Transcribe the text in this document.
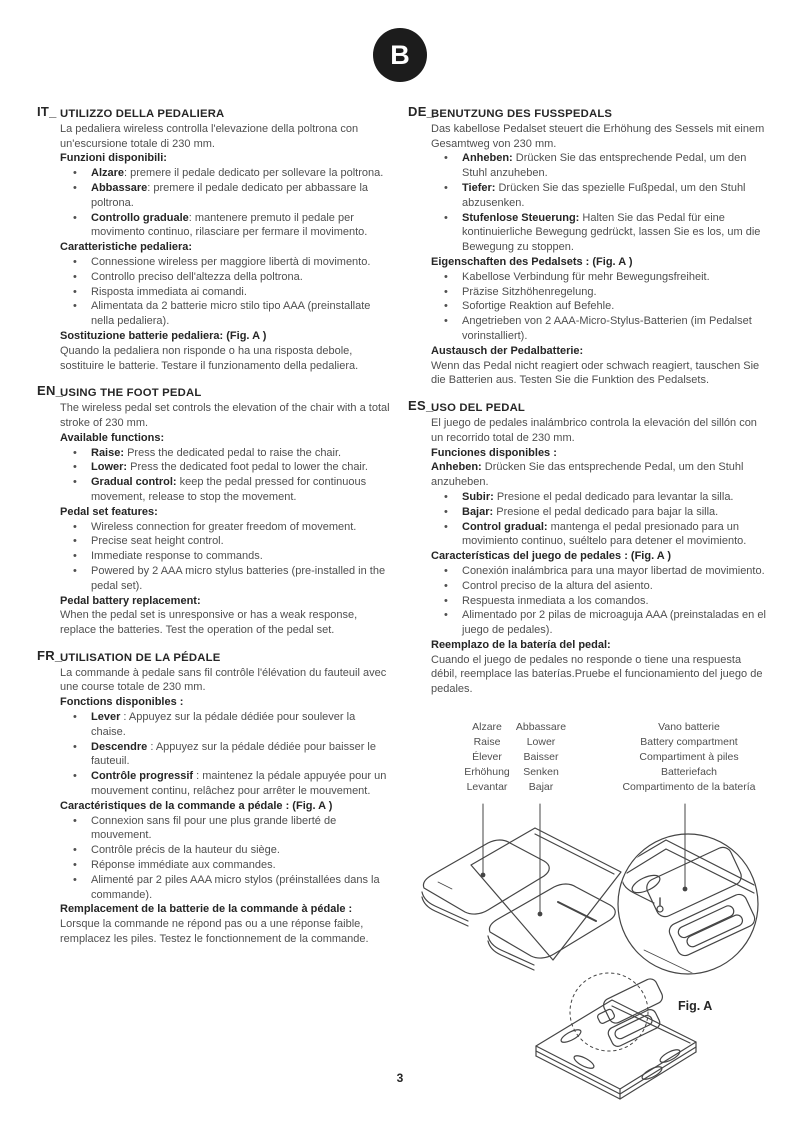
B
IT_ UTILIZZO DELLA PEDALIERA
La pedaliera wireless controlla l'elevazione della poltrona con un'escursione totale di 230 mm.
Funzioni disponibili:
•	Alzare: premere il pedale dedicato per sollevare la poltrona.
•	Abbassare: premere il pedale dedicato per abbassare la poltrona.
•	Controllo graduale: mantenere premuto il pedale per movimento continuo, rilasciare per fermare il movimento.
Caratteristiche pedaliera:
•	Connessione wireless per maggiore libertà di movimento.
•	Controllo preciso dell'altezza della poltrona.
•	Risposta immediata ai comandi.
•	Alimentata da 2 batterie micro stilo tipo AAA (preinstallate nella pedaliera).
Sostituzione batterie pedaliera: (Fig. A )
Quando la pedaliera non risponde o ha una risposta debole, sostituire le batterie. Testare il funzionamento della pedaliera.
EN_
USING THE FOOT PEDAL
The wireless pedal set controls the elevation of the chair with a total stroke of 230 mm.
Available functions:
•	Raise: Press the dedicated pedal to raise the chair.
•	Lower: Press the dedicated foot pedal to lower the chair.
•	Gradual control: keep the pedal pressed for continuous movement, release to stop the movement.
Pedal set features:
•	Wireless connection for greater freedom of movement.
•	Precise seat height control.
•	Immediate response to commands.
•	Powered by 2 AAA micro stylus batteries (pre-installed in the pedal set).
Pedal battery replacement:
When the pedal set is unresponsive or has a weak response, replace the batteries. Test the operation of the pedal set.
FR_
UTILISATION DE LA PÉDALE
La commande à pedale sans fil contrôle l'élévation du fauteuil avec une course totale de 230 mm.
Fonctions disponibles :
•	Lever : Appuyez sur la pédale dédiée pour soulever la chaise.
•	Descendre : Appuyez sur la pédale dédiée pour baisser le fauteuil.
•	Contrôle progressif : maintenez la pédale appuyée pour un mouvement continu, relâchez pour arrêter le mouvement.
Caractéristiques de la commande a pédale : (Fig. A )
•	Connexion sans fil pour une plus grande liberté de mouvement.
•	Contrôle précis de la hauteur du siège.
•	Réponse immédiate aux commandes.
•	Alimenté par 2 piles AAA micro stylos (préinstallées dans la commande).
Remplacement de la batterie de la commande à pédale :
Lorsque la commande ne répond pas ou a une réponse faible, remplacez les piles. Testez le fonctionnement de la commande.
DE_
BENUTZUNG DES FUSSPEDALS
Das kabellose Pedalset steuert die Erhöhung des Sessels mit einem Gesamtweg von 230 mm.
•	Anheben: Drücken Sie das entsprechende Pedal, um den Stuhl anzuheben.
•	Tiefer: Drücken Sie das spezielle Fußpedal, um den Stuhl abzusenken.
•	Stufenlose Steuerung: Halten Sie das Pedal für eine kontinuierliche Bewegung gedrückt, lassen Sie es los, um die Bewegung zu stoppen.
Eigenschaften des Pedalsets : (Fig. A )
•	Kabellose Verbindung für mehr Bewegungsfreiheit.
•	Präzise Sitzhöhenregelung.
•	Sofortige Reaktion auf Befehle.
•	Angetrieben von 2 AAA-Micro-Stylus-Batterien (im Pedalset vorinstalliert).
Austausch der Pedalbatterie:
Wenn das Pedal nicht reagiert oder schwach reagiert, tauschen Sie die Batterien aus. Testen Sie die Funktion des Pedalsets.
ES_
USO DEL PEDAL
El juego de pedales inalámbrico controla la elevación del sillón con un recorrido total de 230 mm.
Funciones disponibles :
Anheben: Drücken Sie das entsprechende Pedal, um den Stuhl anzuheben.
•	Subir: Presione el pedal dedicado para levantar la silla.
•	Bajar: Presione el pedal dedicado para bajar la silla.
•	Control gradual: mantenga el pedal presionado para un movimiento continuo, suéltelo para detener el movimiento.
Características del juego de pedales : (Fig. A )
•	Conexión inalámbrica para una mayor libertad de movimiento.
•	Control preciso de la altura del asiento.
•	Respuesta inmediata a los comandos.
•	Alimentado por 2 pilas de microaguja AAA (preinstaladas en el juego de pedales).
Reemplazo de la batería del pedal:
Cuando el juego de pedales no responde o tiene una respuesta débil, reemplace las baterías.Pruebe el funcionamiento del juego de pedales.
Alzare
Raise
Élever
Erhöhung
Levantar
Abbassare
Lower
Baisser
Senken
Bajar
Vano batterie
Battery compartment
Compartiment à piles
Batteriefach
Compartimento de la batería
Fig. A
3
